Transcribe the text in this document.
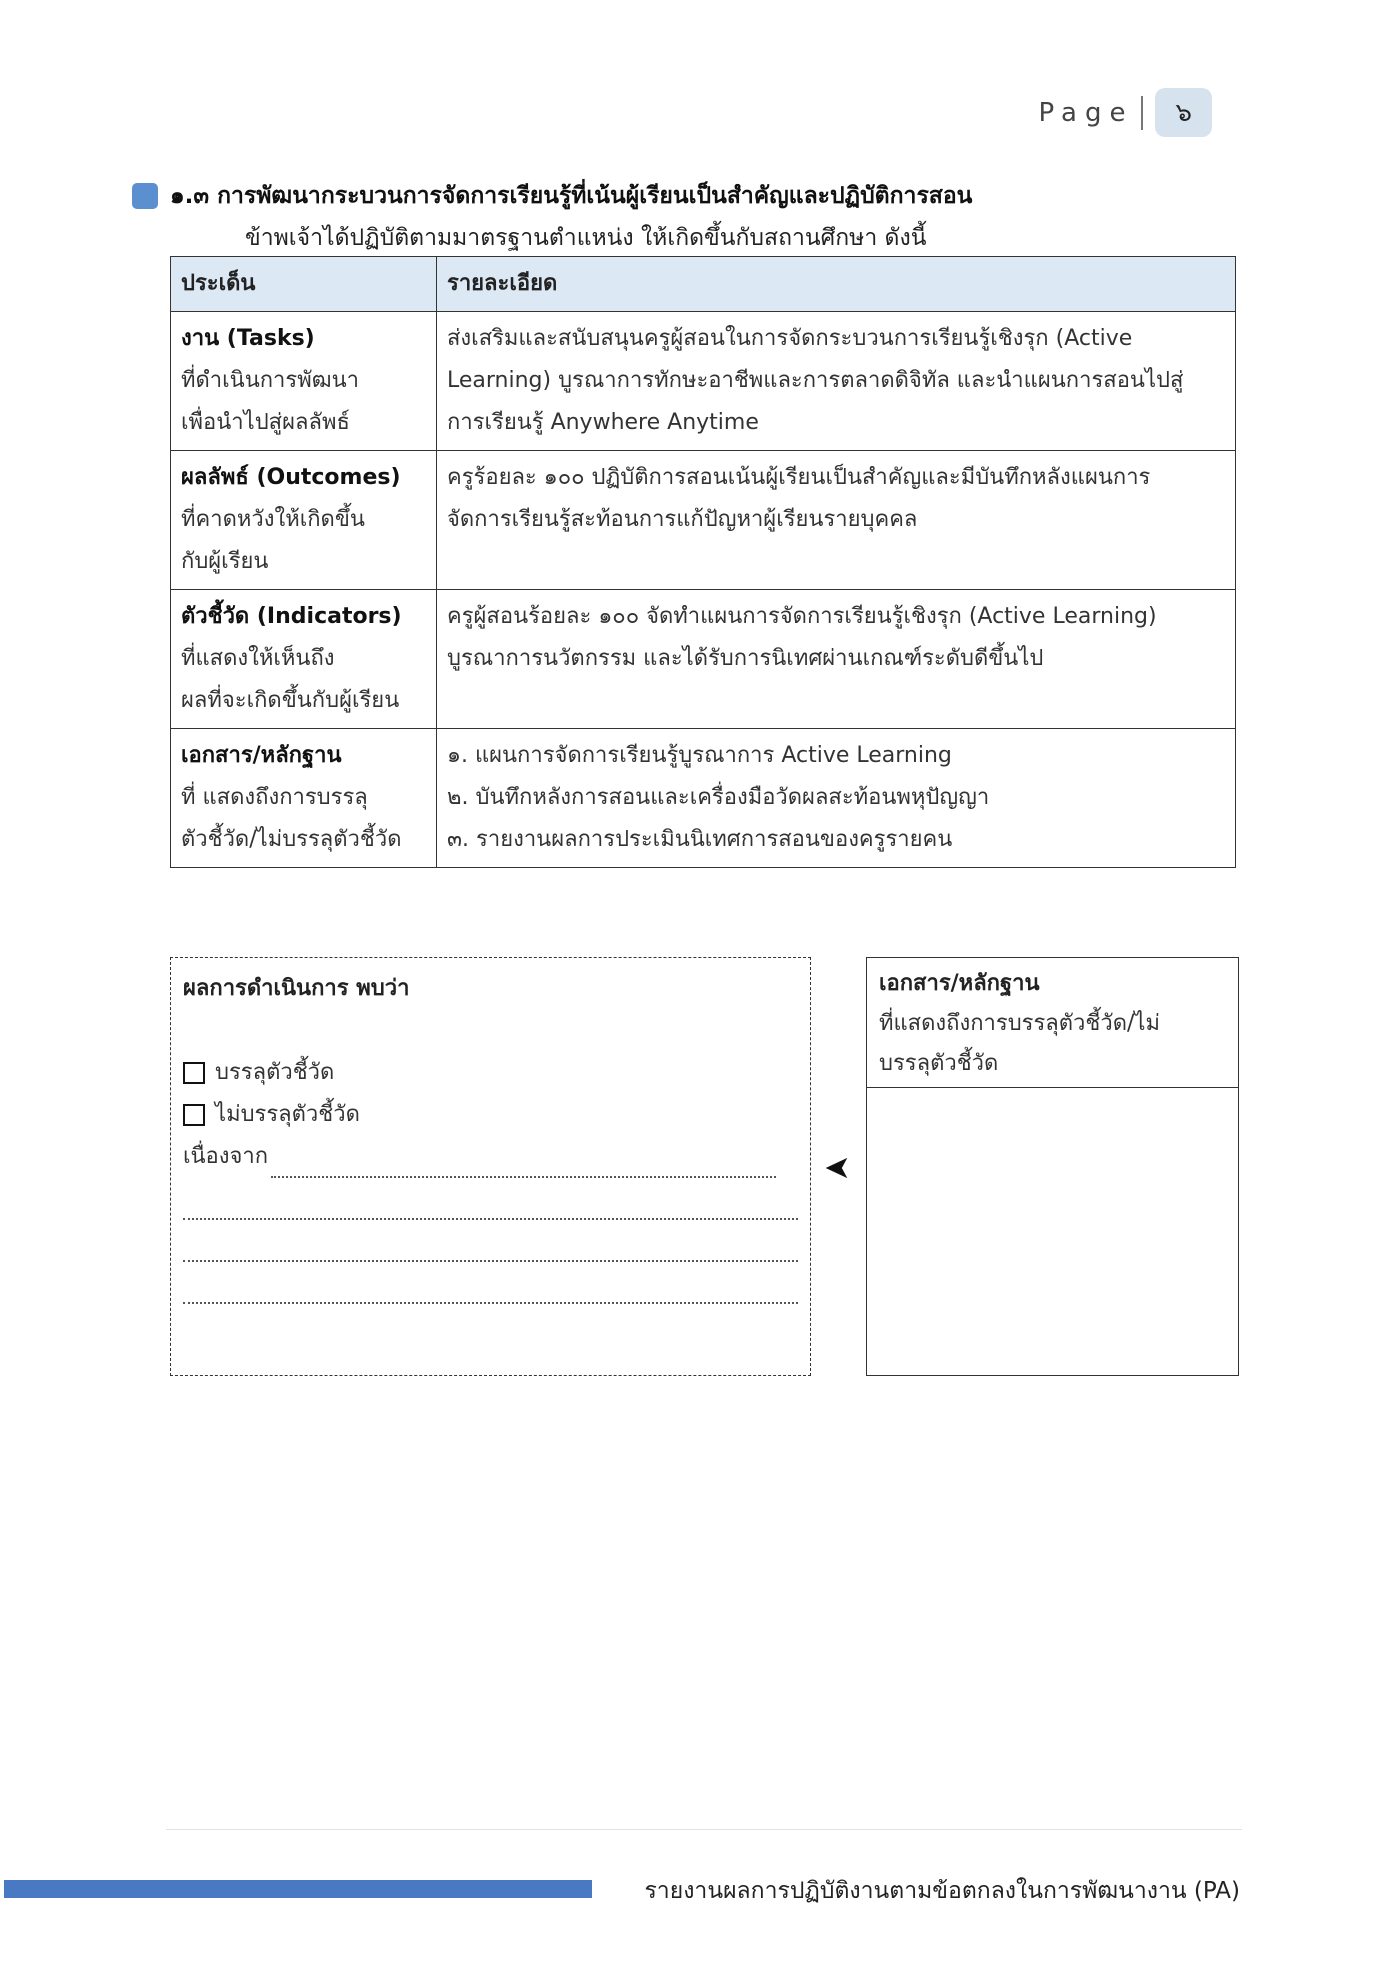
Page	๖
๑.๓ การพัฒนากระบวนการจัดการเรียนรู้ที่เน้นผู้เรียนเป็นสำคัญและปฏิบัติการสอน
ข้าพเจ้าได้ปฏิบัติตามมาตรฐานตำแหน่ง ให้เกิดขึ้นกับสถานศึกษา ดังนี้
ประเด็น	รายละเอียด

งาน (Tasks)
ที่ดำเนินการพัฒนา
เพื่อนำไปสู่ผลลัพธ์	ส่งเสริมและสนับสนุนครูผู้สอนในการจัดกระบวนการเรียนรู้เชิงรุก (Active
Learning) บูรณาการทักษะอาชีพและการตลาดดิจิทัล และนำแผนการสอนไปสู่
การเรียนรู้ Anywhere Anytime

ผลลัพธ์ (Outcomes)
ที่คาดหวังให้เกิดขึ้น
กับผู้เรียน	ครูร้อยละ ๑๐๐ ปฏิบัติการสอนเน้นผู้เรียนเป็นสำคัญและมีบันทึกหลังแผนการ
จัดการเรียนรู้สะท้อนการแก้ปัญหาผู้เรียนรายบุคคล

ตัวชี้วัด (Indicators)
ที่แสดงให้เห็นถึง
ผลที่จะเกิดขึ้นกับผู้เรียน	ครูผู้สอนร้อยละ ๑๐๐ จัดทำแผนการจัดการเรียนรู้เชิงรุก (Active Learning)
บูรณาการนวัตกรรม และได้รับการนิเทศผ่านเกณฑ์ระดับดีขึ้นไป

เอกสาร/หลักฐาน
ที่ แสดงถึงการบรรลุ
ตัวชี้วัด/ไม่บรรลุตัวชี้วัด	๑. แผนการจัดการเรียนรู้บูรณาการ Active Learning
๒. บันทึกหลังการสอนและเครื่องมือวัดผลสะท้อนพหุปัญญา
๓. รายงานผลการประเมินนิเทศการสอนของครูรายคน
ผลการดำเนินการ พบว่า
บรรลุตัวชี้วัด
ไม่บรรลุตัวชี้วัด
เนื่องจาก	➤
เอกสาร/หลักฐาน
ที่แสดงถึงการบรรลุตัวชี้วัด/ไม่
บรรลุตัวชี้วัด
รายงานผลการปฏิบัติงานตามข้อตกลงในการพัฒนางาน (PA)
